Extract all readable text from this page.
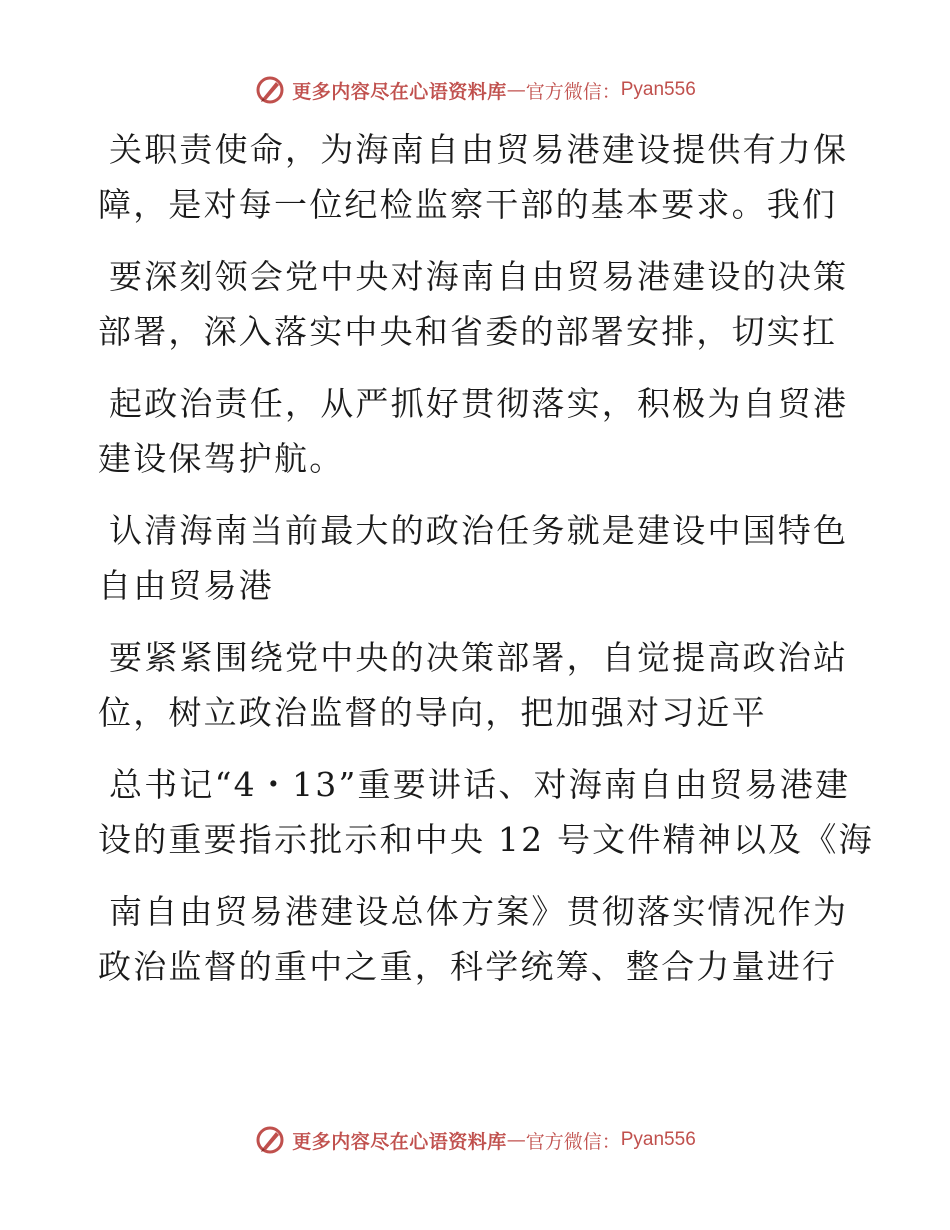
更多内容尽在心语资料库 — 官方微信： Pyan556
关职责使命，为海南自由贸易港建设提供有力保
障，是对每一位纪检监察干部的基本要求。我们
要深刻领会党中央对海南自由贸易港建设的决策
部署，深入落实中央和省委的部署安排，切实扛
起政治责任，从严抓好贯彻落实，积极为自贸港
建设保驾护航。
认清海南当前最大的政治任务就是建设中国特色
自由贸易港
要紧紧围绕党中央的决策部署，自觉提高政治站
位，树立政治监督的导向，把加强对习近平
总书记“4・13”重要讲话、对海南自由贸易港建
设的重要指示批示和中央 12 号文件精神以及《海
南自由贸易港建设总体方案》贯彻落实情况作为
政治监督的重中之重，科学统筹、整合力量进行
更多内容尽在心语资料库 — 官方微信： Pyan556
